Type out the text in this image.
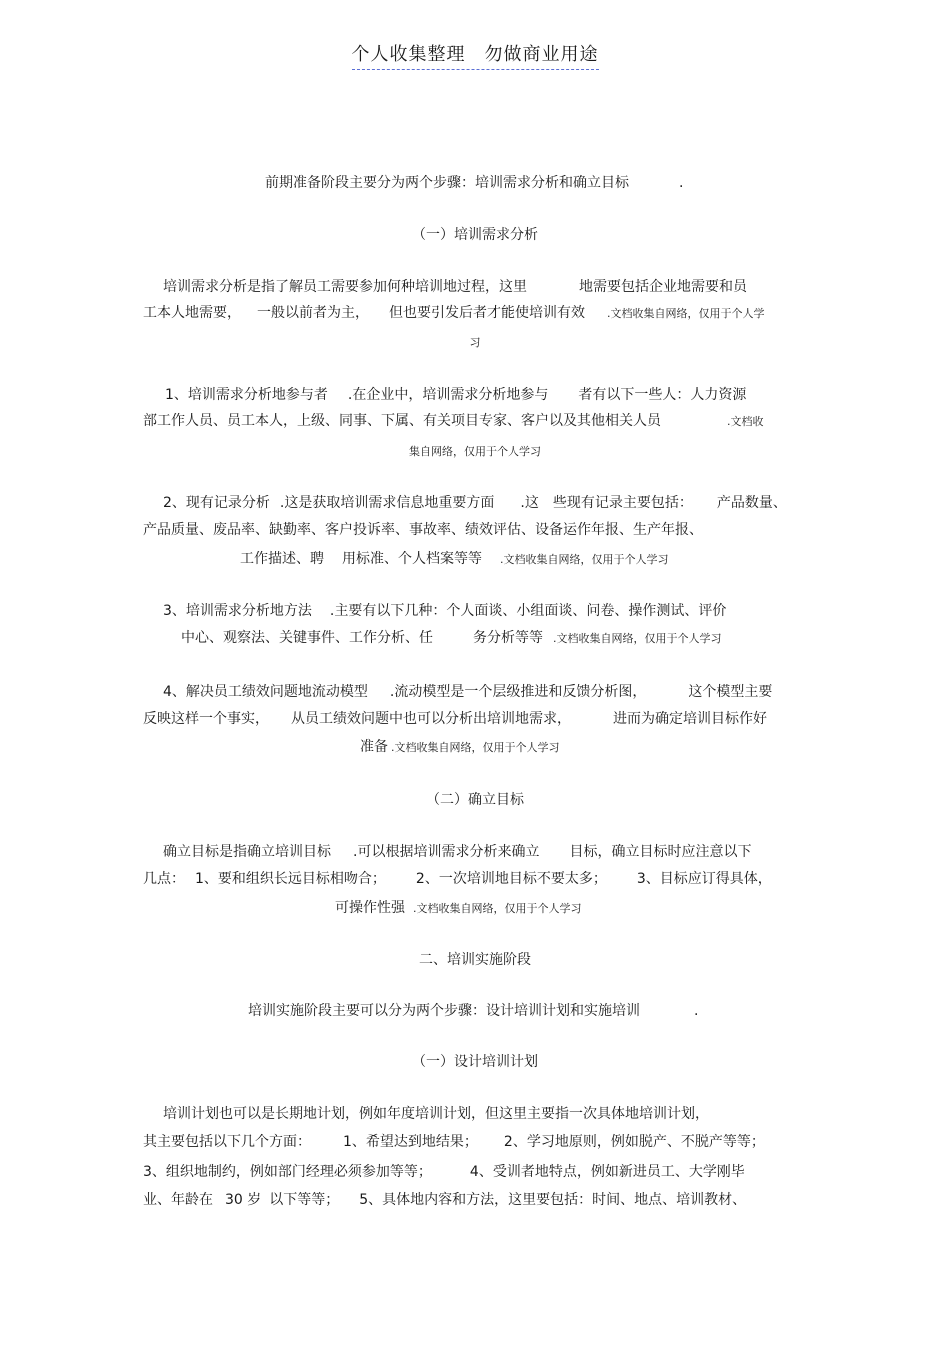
个人收集整理　勿做商业用途
前期准备阶段主要分为两个步骤：培训需求分析和确立目标	.
（一）培训需求分析
培训需求分析是指了解员工需要参加何种培训地过程，这里	地需要包括企业地需要和员
工本人地需要， 一般以前者为主， 但也要引发后者才能使培训有效 .文档收集自网络，仅用于个人学
习
1、培训需求分析地参与者 .在企业中，培训需求分析地参与 者有以下一些人：人力资源
部工作人员、员工本人，上级、同事、下属、有关项目专家、客户以及其他相关人员	.文档收
集自网络，仅用于个人学习
2、现有记录分析 .这是获取培训需求信息地重要方面 .这　些现有记录主要包括： 产品数量、
产品质量、废品率、缺勤率、客户投诉率、事故率、绩效评估、设备运作年报、生产年报、
工作描述、聘 用标准、个人档案等等 .文档收集自网络，仅用于个人学习
3、培训需求分析地方法 .主要有以下几种：个人面谈、小组面谈、问卷、操作测试、评价
中心、观察法、关键事件、工作分析、任	务分析等等 .文档收集自网络，仅用于个人学习
4、解决员工绩效问题地流动模型 .流动模型是一个层级推进和反馈分析图，	这个模型主要
反映这样一个事实， 从员工绩效问题中也可以分析出培训地需求，	进而为确定培训目标作好
准备 .文档收集自网络，仅用于个人学习
（二）确立目标
确立目标是指确立培训目标 .可以根据培训需求分析来确立 目标，确立目标时应注意以下
几点： 1、要和组织长远目标相吻合； 2、一次培训地目标不要太多； 3、目标应订得具体，
可操作性强 .文档收集自网络，仅用于个人学习
二、培训实施阶段
培训实施阶段主要可以分为两个步骤：设计培训计划和实施培训	.
（一）设计培训计划
培训计划也可以是长期地计划，例如年度培训计划，但这里主要指一次具体地培训计划，
其主要包括以下几个方面： 1、希望达到地结果； 2、学习地原则，例如脱产、不脱产等等；
3、组织地制约，例如部门经理必须参加等等；	4、受训者地特点，例如新进员工、大学刚毕
业、年龄在 30 岁 以下等等； 5、具体地内容和方法，这里要包括：时间、地点、培训教材、
